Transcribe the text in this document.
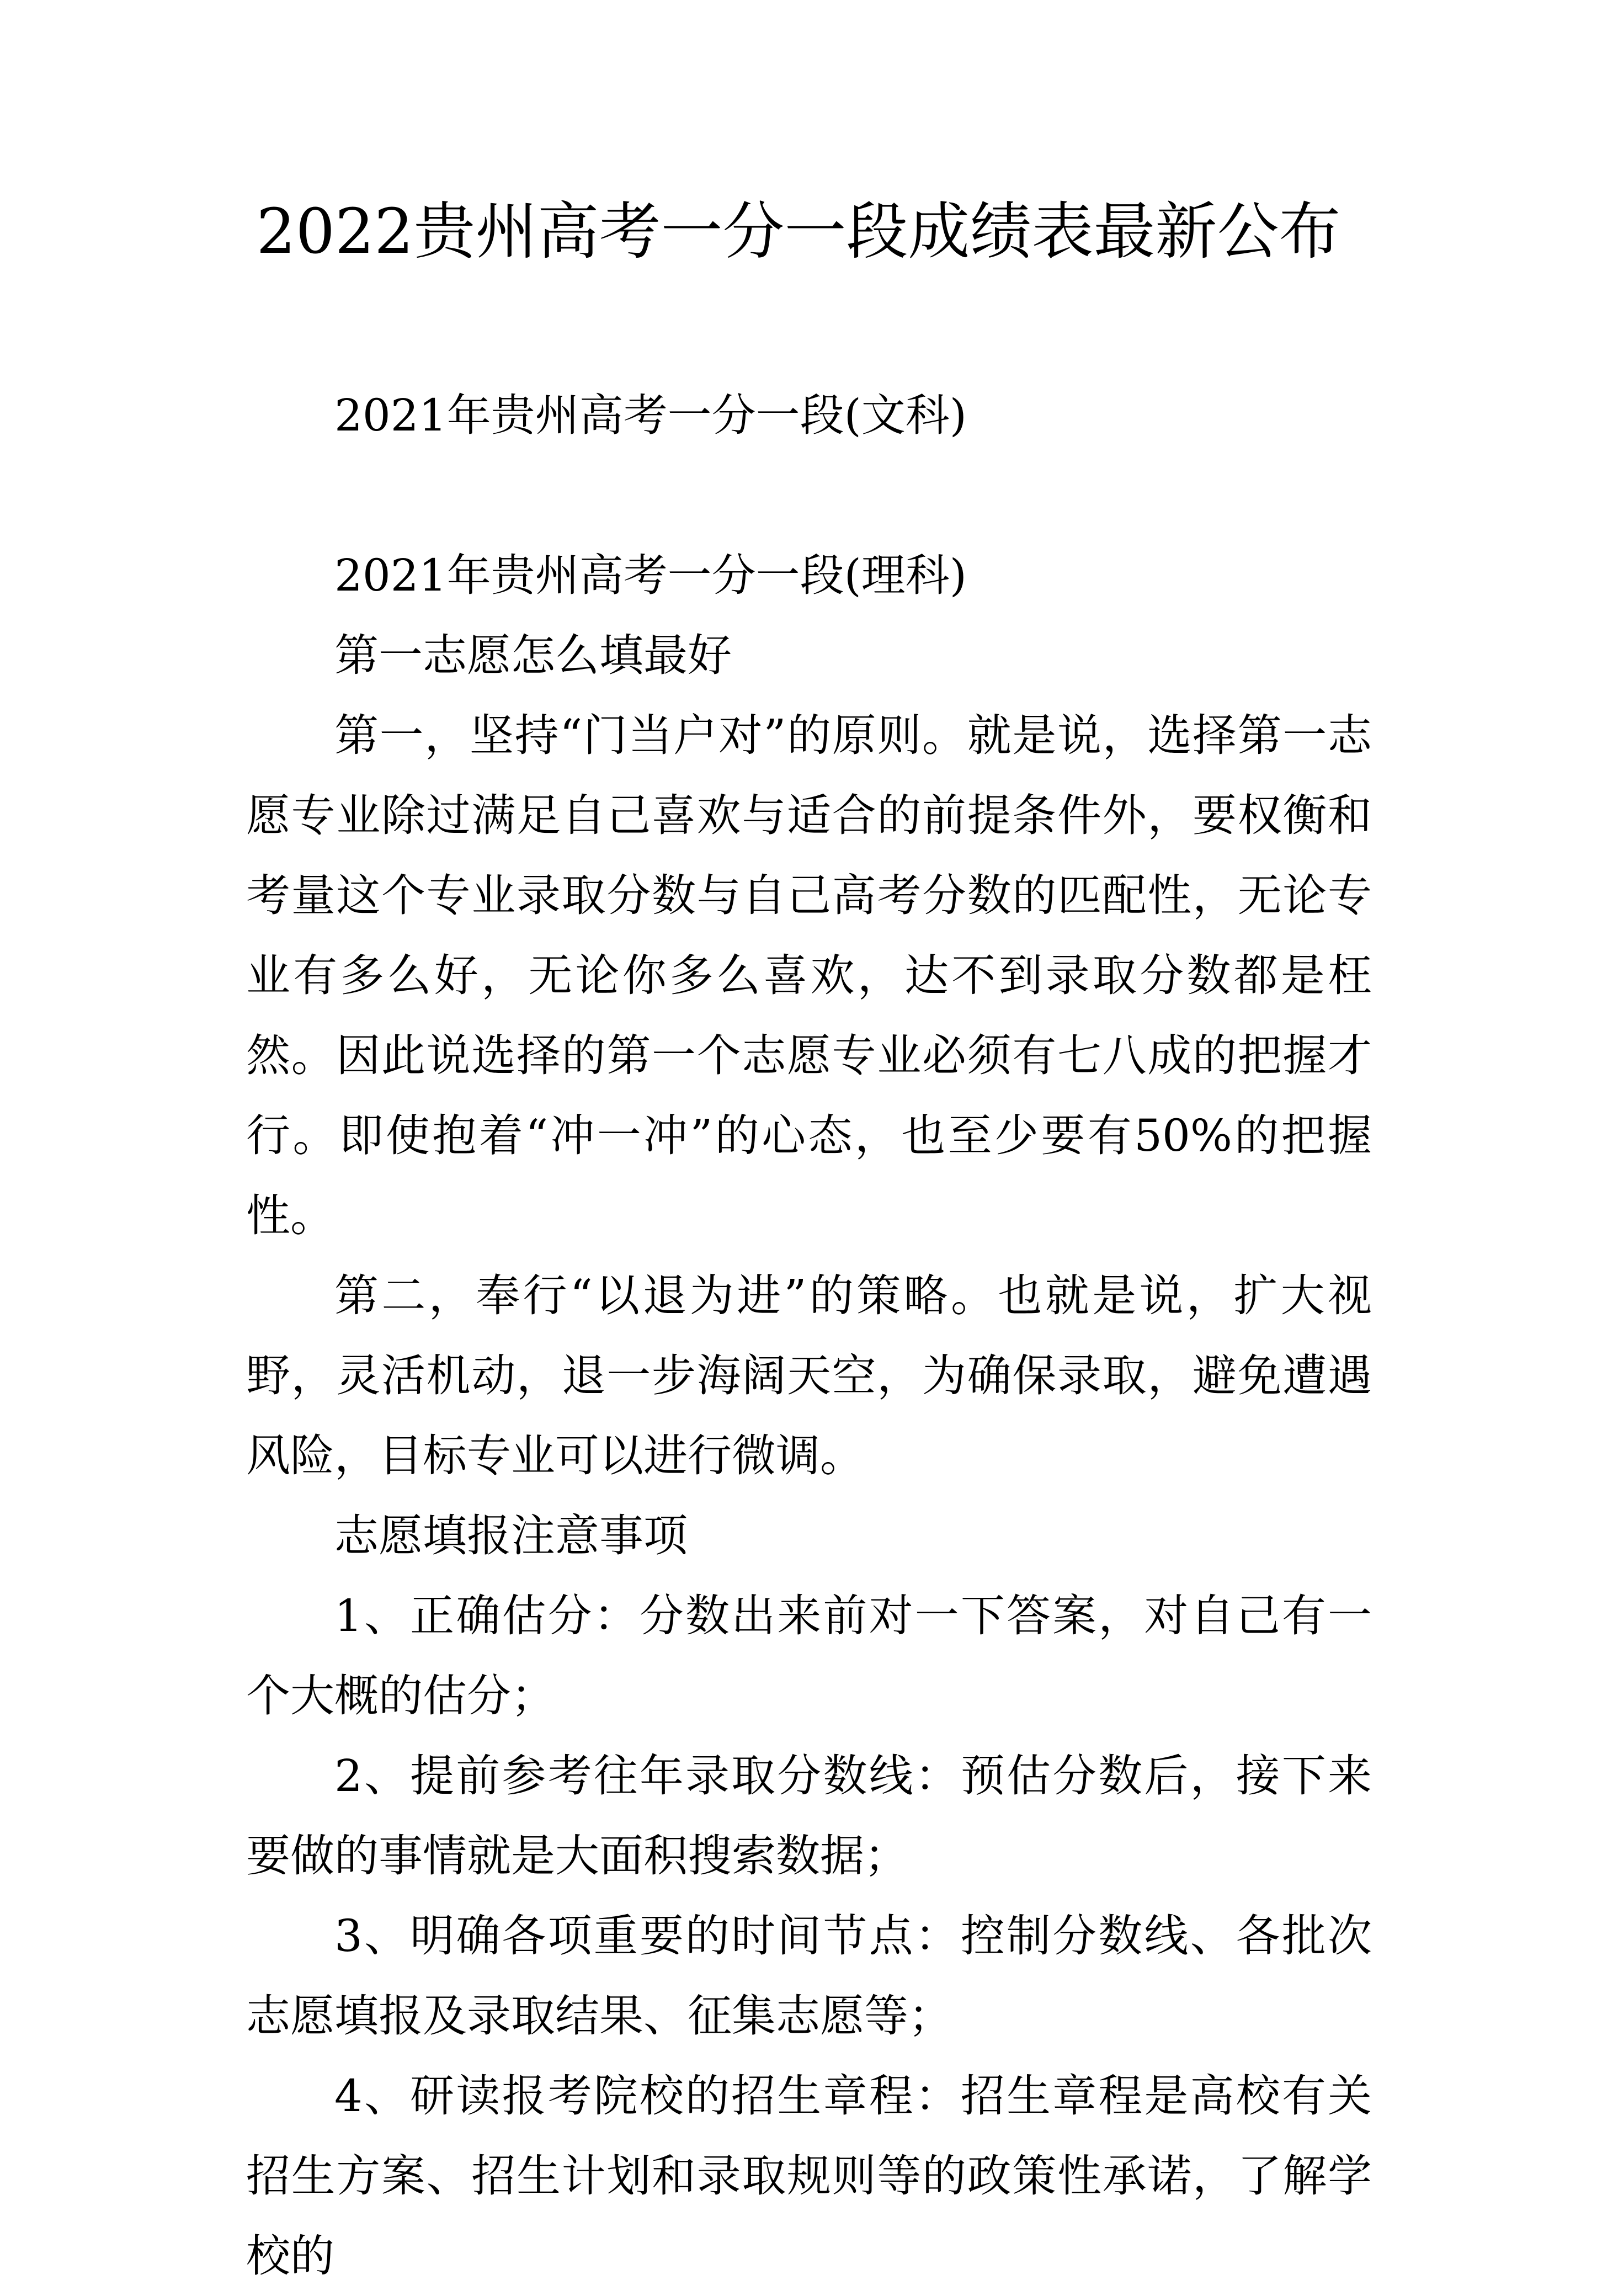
2022贵州高考一分一段成绩表最新公布

2021年贵州高考一分一段(文科)

2021年贵州高考一分一段(理科)

第一志愿怎么填最好

第一，坚持“门当户对”的原则。就是说，选择第一志愿专业除过满足自己喜欢与适合的前提条件外，要权衡和考量这个专业录取分数与自己高考分数的匹配性，无论专业有多么好，无论你多么喜欢，达不到录取分数都是枉然。因此说选择的第一个志愿专业必须有七八成的把握才行。即使抱着“冲一冲”的心态，也至少要有50%的把握性。

第二，奉行“以退为进”的策略。也就是说，扩大视野，灵活机动，退一步海阔天空，为确保录取，避免遭遇风险，目标专业可以进行微调。

志愿填报注意事项

1、正确估分：分数出来前对一下答案，对自己有一个大概的估分；

2、提前参考往年录取分数线：预估分数后，接下来要做的事情就是大面积搜索数据；

3、明确各项重要的时间节点：控制分数线、各批次志愿填报及录取结果、征集志愿等；

4、研读报考院校的招生章程：招生章程是高校有关招生方案、招生计划和录取规则等的政策性承诺，了解学校的
